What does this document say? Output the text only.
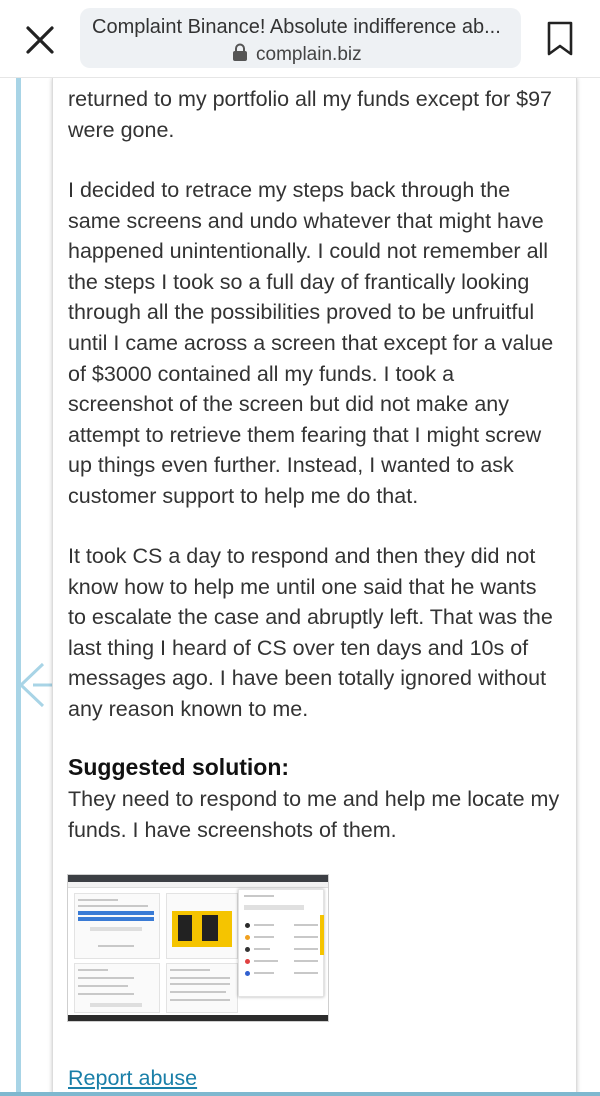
Complaint Binance! Absolute indifference ab...
complain.biz
returned to my portfolio all my funds except for $97
were gone.
I decided to retrace my steps back through the
same screens and undo whatever that might have
happened unintentionally. I could not remember all
the steps I took so a full day of frantically looking
through all the possibilities proved to be unfruitful
until I came across a screen that except for a value
of $3000 contained all my funds. I took a
screenshot of the screen but did not make any
attempt to retrieve them fearing that I might screw
up things even further. Instead, I wanted to ask
customer support to help me do that.
It took CS a day to respond and then they did not
know how to help me until one said that he wants
to escalate the case and abruptly left. That was the
last thing I heard of CS over ten days and 10s of
messages ago. I have been totally ignored without
any reason known to me.
Suggested solution:
They need to respond to me and help me locate my
funds. I have screenshots of them.
Report abuse
